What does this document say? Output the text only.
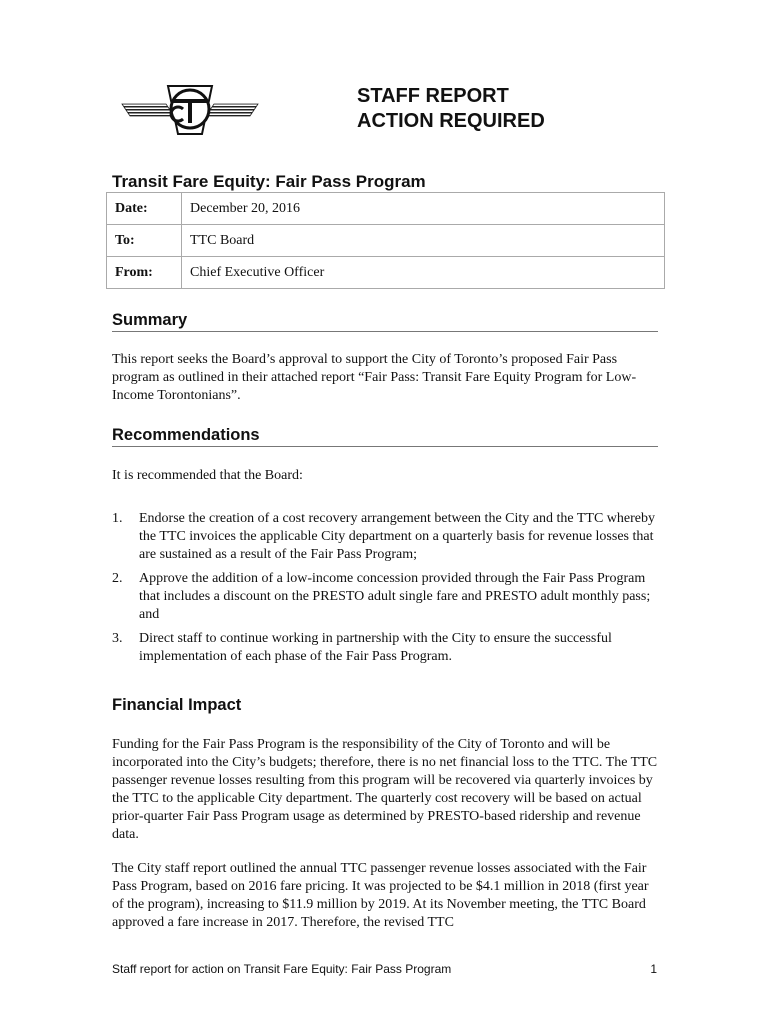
STAFF REPORT
ACTION REQUIRED
Transit Fare Equity: Fair Pass Program
Date:	December 20, 2016
To:	TTC Board
From:	Chief Executive Officer
Summary

This report seeks the Board’s approval to support the City of Toronto’s proposed Fair Pass program as outlined in their attached report “Fair Pass: Transit Fare Equity Program for Low-Income Torontonians”.

Recommendations

It is recommended that the Board:

1.	Endorse the creation of a cost recovery arrangement between the City and the TTC whereby the TTC invoices the applicable City department on a quarterly basis for revenue losses that are sustained as a result of the Fair Pass Program;
2.	Approve the addition of a low-income concession provided through the Fair Pass Program that includes a discount on the PRESTO adult single fare and PRESTO adult monthly pass; and
3.	Direct staff to continue working in partnership with the City to ensure the successful implementation of each phase of the Fair Pass Program.
Financial Impact

Funding for the Fair Pass Program is the responsibility of the City of Toronto and will be incorporated into the City’s budgets; therefore, there is no net financial loss to the TTC. The TTC passenger revenue losses resulting from this program will be recovered via quarterly invoices by the TTC to the applicable City department. The quarterly cost recovery will be based on actual prior-quarter Fair Pass Program usage as determined by PRESTO-based ridership and revenue data.

The City staff report outlined the annual TTC passenger revenue losses associated with the Fair Pass Program, based on 2016 fare pricing. It was projected to be $4.1 million in 2018 (first year of the program), increasing to $11.9 million by 2019. At its November meeting, the TTC Board approved a fare increase in 2017. Therefore, the revised TTC

Staff report for action on Transit Fare Equity: Fair Pass Program	1
